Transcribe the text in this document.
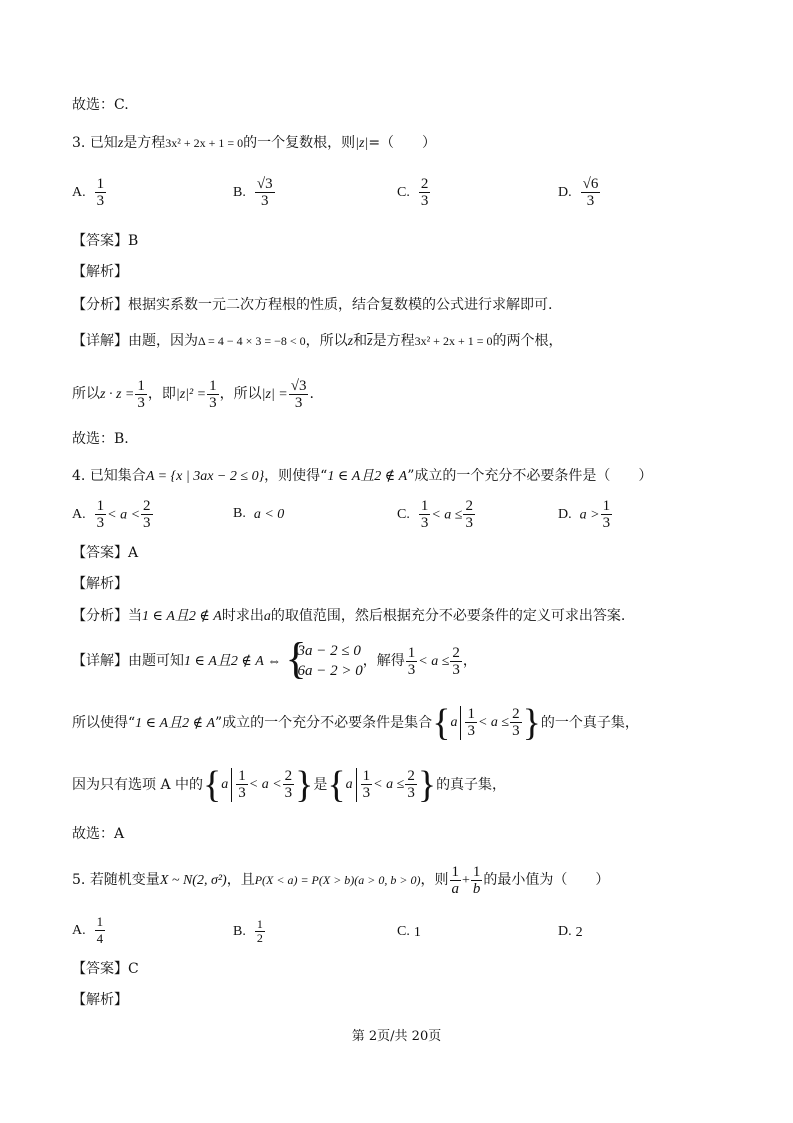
故选：C.
3. 已知z是方程3x² + 2x + 1 = 0的一个复数根，则|z|=（　　）
A. $\frac{1}{3}$	B. $\frac{√3}{3}$	C. $\frac{2}{3}$	D. $\frac{√6}{3}$
【答案】B
【解析】
【分析】根据实系数一元二次方程根的性质，结合复数模的公式进行求解即可.
【详解】由题，因为Δ = 4 − 4 × 3 = −8 < 0，所以z和$\overline{z}$是方程3x² + 2x + 1 = 0的两个根，
所以$z \cdot z = \frac{1}{3}$ ，即$|z|^2 = \frac{1}{3}$ ，所以$|z| = \frac{√3}{3}$ .
故选：B.
4. 已知集合A = {x | 3ax − 2 ≤ 0}，则使得“1 ∈ A且2 ∉ A”成立的一个充分不必要条件是（　　）
A. $\frac{1}{3} < a < \frac{2}{3}$	B. a < 0	C. $\frac{1}{3} < a \le \frac{2}{3}$	D. $a > \frac{1}{3}$
【答案】A
【解析】
【分析】当1 ∈ A且2 ∉ A时求出a的取值范围，然后根据充分不必要条件的定义可求出答案.
【详解】由题可知1 ∈ A且2 ∉ A ⇔ {
3a − 2 ≤ 0
6a − 2 > 0
，解得 $\frac{1}{3} < a \le \frac{2}{3}$ ，
所以使得“1 ∈ A且2 ∉ A”成立的一个充分不必要条件是集合{$a \frac{1}{3} < a \le \frac{2}{3}$ }的一个真子集，
因为只有选项 A 中的{$a \frac{1}{3} < a < \frac{2}{3}$ }是{$a \frac{1}{3} < a \le \frac{2}{3}$ }的真子集，
故选：A
5. 若随机变量X ~ N(2, σ²)，且P(X < a) = P(X > b)(a > 0, b > 0)，则 $\frac{1}{a} + \frac{1}{b}$ 的最小值为（　　）
A. $\frac{1}{4}$	B. $\frac{1}{2}$	C. 1	D. 2
【答案】C
【解析】
第 2页/共 20页
